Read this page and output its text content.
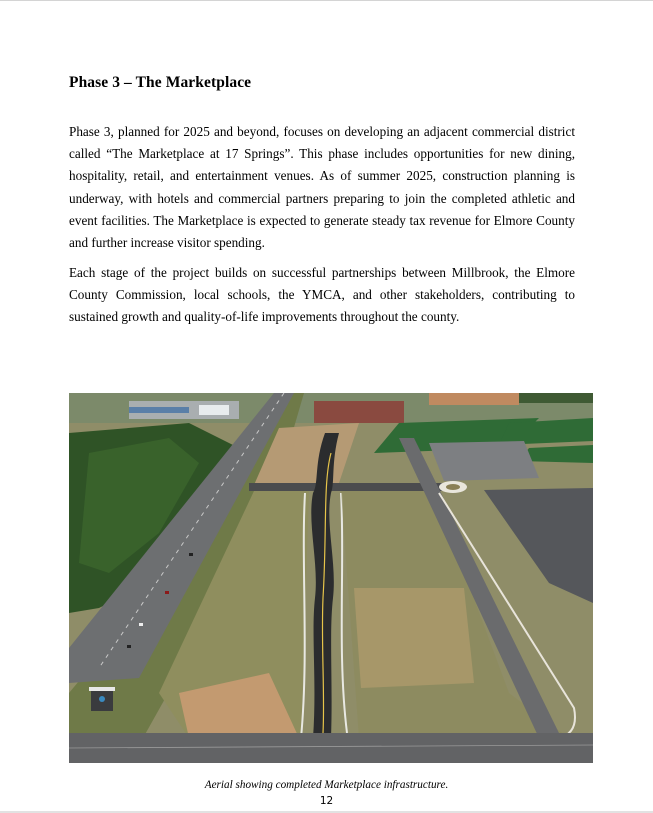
Phase 3 – The Marketplace

Phase 3, planned for 2025 and beyond, focuses on developing an adjacent commercial district called “The Marketplace at 17 Springs”. This phase includes opportunities for new dining, hospitality, retail, and entertainment venues. As of summer 2025, construction planning is underway, with hotels and commercial partners preparing to join the completed athletic and event facilities. The Marketplace is expected to generate steady tax revenue for Elmore County and further increase visitor spending.

Each stage of the project builds on successful partnerships between Millbrook, the Elmore County Commission, local schools, the YMCA, and other stakeholders, contributing to sustained growth and quality-of-life improvements throughout the county.

Aerial showing completed Marketplace infrastructure.
12
